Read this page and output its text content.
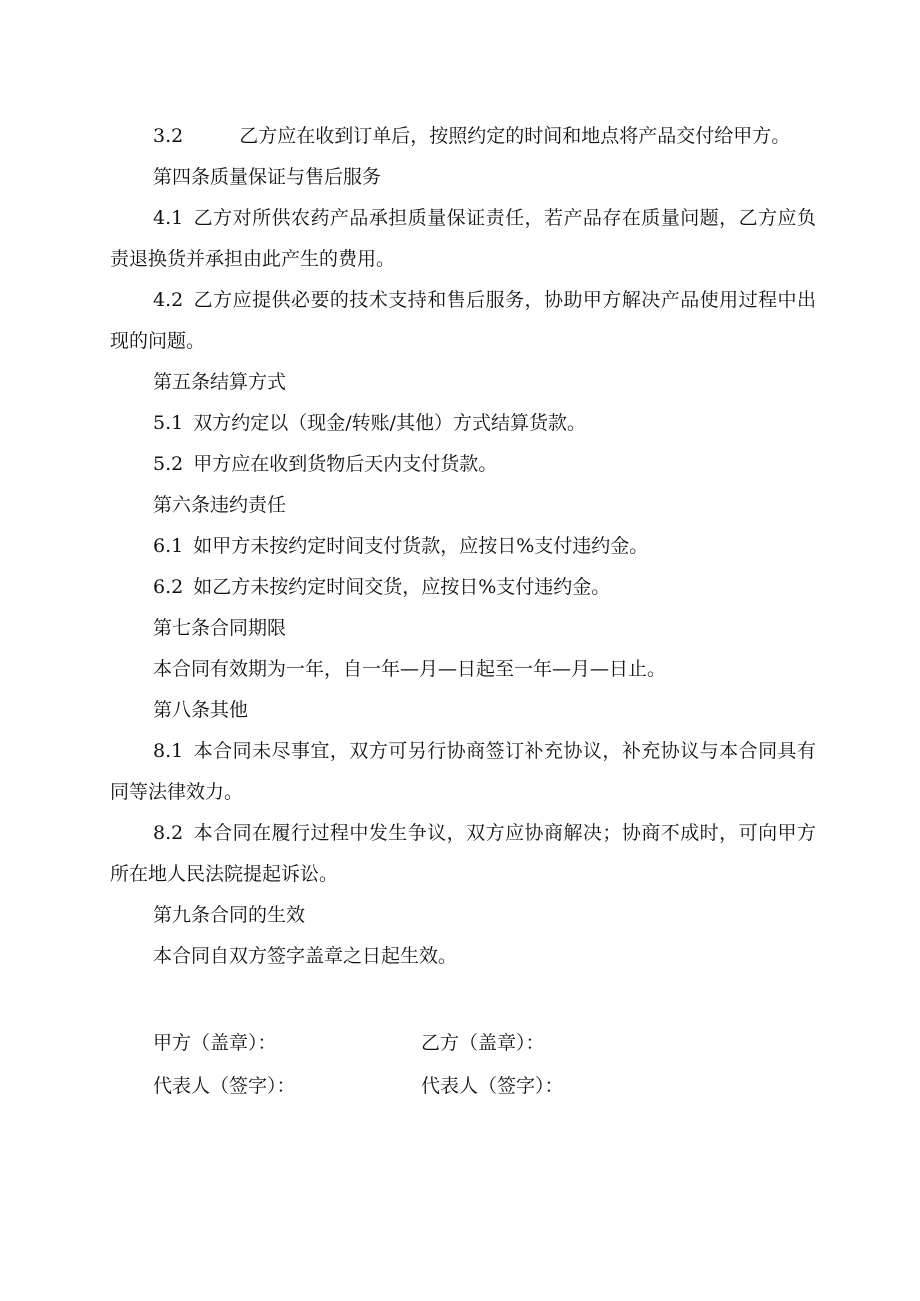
3.2	乙方应在收到订单后，按照约定的时间和地点将产品交付给甲方。

第四条质量保证与售后服务

4.1 乙方对所供农药产品承担质量保证责任，若产品存在质量问题，乙方应负责退换货并承担由此产生的费用。

4.2 乙方应提供必要的技术支持和售后服务，协助甲方解决产品使用过程中出现的问题。

第五条结算方式

5.1 双方约定以（现金/转账/其他）方式结算货款。

5.2 甲方应在收到货物后天内支付货款。

第六条违约责任

6.1 如甲方未按约定时间支付货款，应按日%支付违约金。

6.2 如乙方未按约定时间交货，应按日%支付违约金。

第七条合同期限

本合同有效期为一年，自一年—月—日起至一年—月—日止。

第八条其他

8.1 本合同未尽事宜，双方可另行协商签订补充协议，补充协议与本合同具有同等法律效力。

8.2 本合同在履行过程中发生争议，双方应协商解决；协商不成时，可向甲方所在地人民法院提起诉讼。

第九条合同的生效

本合同自双方签字盖章之日起生效。

甲方（盖章）：	乙方（盖章）：
代表人（签字）：	代表人（签字）：
